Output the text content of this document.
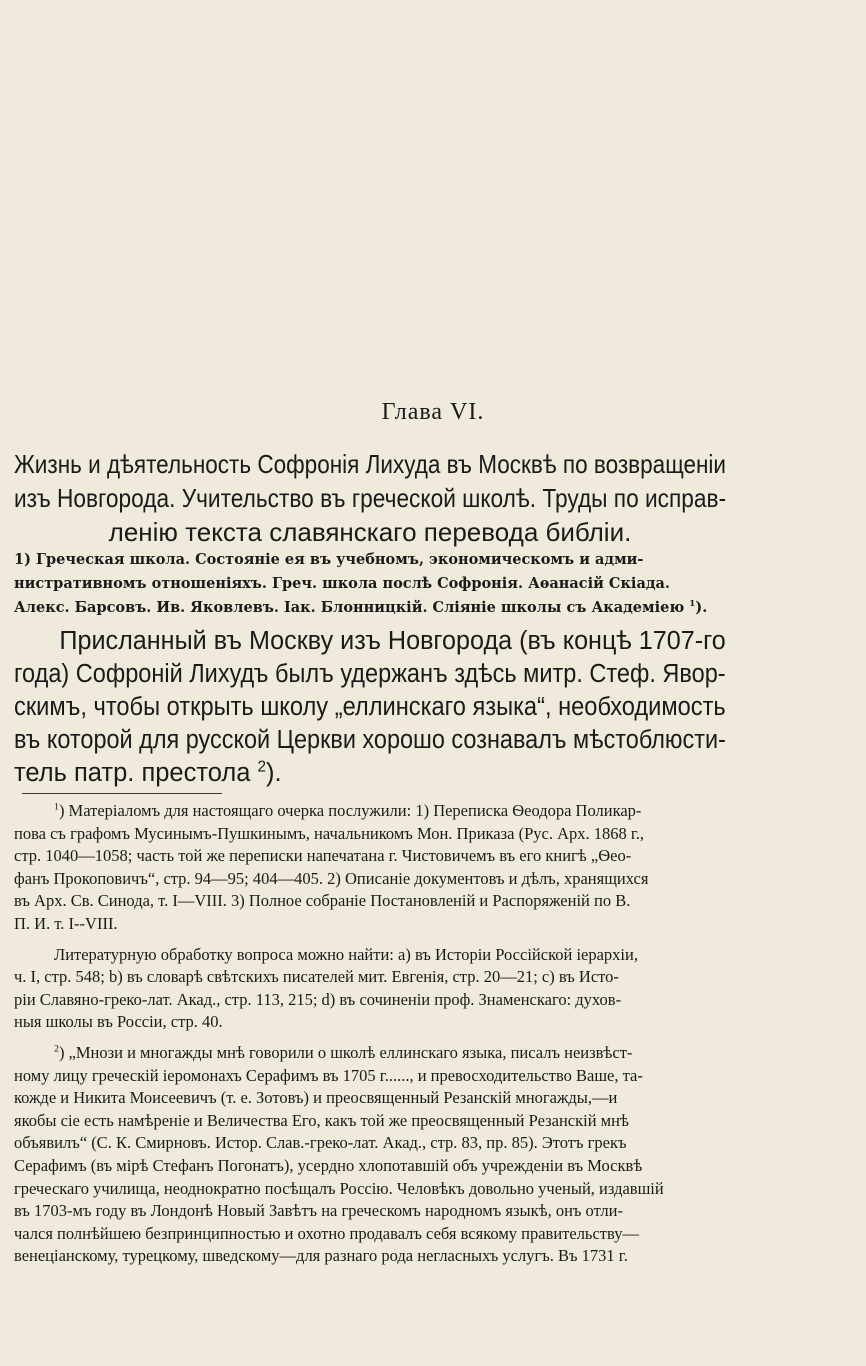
Глава VI.
Жизнь и дѣятельность Софронія Лихуда въ Москвѣ по возвращеніи
изъ Новгорода. Учительство въ греческой школѣ. Труды по исправ-
ленію текста славянскаго перевода библіи.
1) Греческая школа. Состояніе ея въ учебномъ, экономическомъ и адми-
нистративномъ отношеніяхъ. Греч. школа послѣ Софронія. Аѳанасій Скіада.
Алекс. Барсовъ. Ив. Яковлевъ. Іак. Блонницкій. Сліяніе школы съ Академіею $^1$).
Присланный въ Москву изъ Новгорода (въ концѣ 1707-го
года) Софроній Лихудъ былъ удержанъ здѣсь митр. Стеф. Явор-
скимъ, чтобы открыть школу „еллинскаго языка“, необходимость
въ которой для русской Церкви хорошо сознавалъ мѣстоблюсти-
тель патр. престола $^2$).
$^1$) Матеріаломъ для настоящаго очерка послужили: 1) Переписка Ѳеодора Поликар-
пова съ графомъ Мусинымъ-Пушкинымъ, начальникомъ Мон. Приказа (Рус. Арх. 1868 г.,
стр. 1040—1058; часть той же переписки напечатана г. Чистовичемъ въ его книгѣ „Ѳео-
фанъ Прокоповичъ“, стр. 94—95; 404—405. 2) Описаніе документовъ и дѣлъ, хранящихся
въ Арх. Св. Синода, т. I—VIII. 3) Полное собраніе Постановленій и Распоряженій по В.
П. И. т. I--VIII.
Литературную обработку вопроса можно найти: a) въ Исторіи Россійской іерархіи,
ч. I, стр. 548; b) въ словарѣ свѣтскихъ писателей мит. Евгенія, стр. 20—21; c) въ Исто-
ріи Славяно-греко-лат. Акад., стр. 113, 215; d) въ сочиненіи проф. Знаменскаго: духов-
ныя школы въ Россіи, стр. 40.
$^2$) „Мнози и многажды мнѣ говорили о школѣ еллинскаго языка, писалъ неизвѣст-
ному лицу греческій іеромонахъ Серафимъ въ 1705 г......, и превосходительство Ваше, та-
кожде и Никита Моисеевичъ (т. е. Зотовъ) и преосвященный Резанскій многажды,—и
якобы сіе есть намѣреніе и Величества Его, какъ той же преосвященный Резанскій мнѣ
объявилъ“ (С. К. Смирновъ. Истор. Слав.-греко-лат. Акад., стр. 83, пр. 85). Этотъ грекъ
Серафимъ (въ мірѣ Стефанъ Погонатъ), усердно хлопотавшій объ учрежденіи въ Москвѣ
греческаго училища, неоднократно посѣщалъ Россію. Человѣкъ довольно ученый, издавшій
въ 1703-мъ году въ Лондонѣ Новый Завѣтъ на греческомъ народномъ языкѣ, онъ отли-
чался полнѣйшею безпринципностью и охотно продавалъ себя всякому правительству—
венеціанскому, турецкому, шведскому—для разнаго рода негласныхъ услугъ. Въ 1731 г.
